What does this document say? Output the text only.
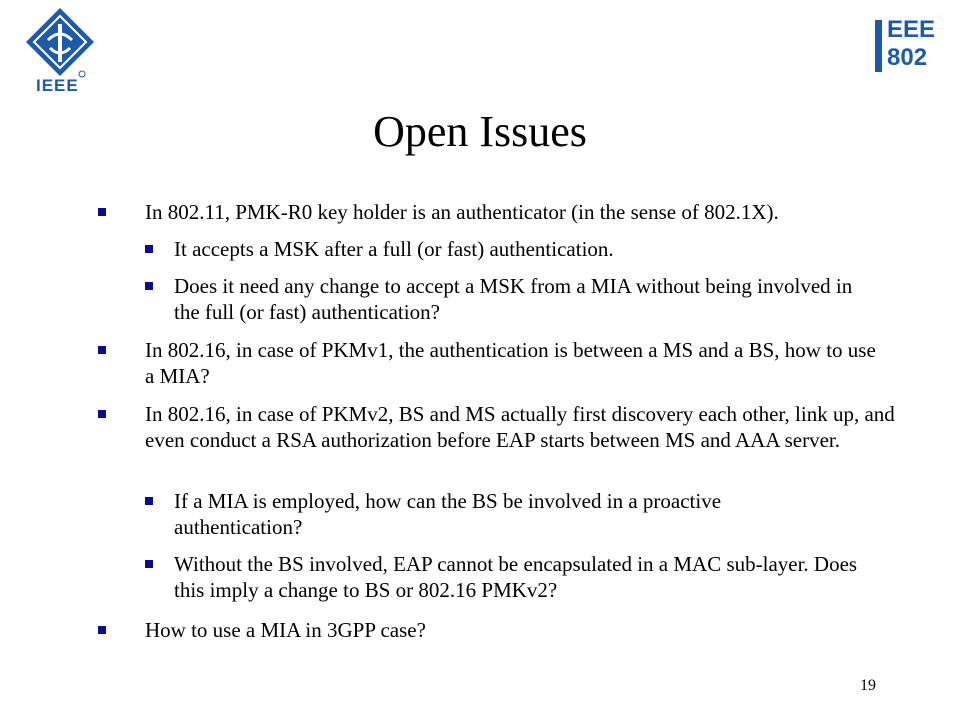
IEEE
EEE
802
Open Issues
In 802.11, PMK-R0 key holder is an authenticator (in the sense of 802.1X).
It accepts a MSK after a full (or fast) authentication.
Does it need any change to accept a MSK from a MIA without being involved in the full (or fast) authentication?
In 802.16, in case of PKMv1, the authentication is between a MS and a BS, how to use a MIA?
In 802.16, in case of PKMv2, BS and MS actually first discovery each other, link up, and even conduct a RSA authorization before EAP starts between MS and AAA server.
If a MIA is employed, how can the BS be involved in a proactive authentication?
Without the BS involved, EAP cannot be encapsulated in a MAC sub-layer. Does this imply a change to BS or 802.16 PMKv2?
How to use a MIA in 3GPP case?
19
